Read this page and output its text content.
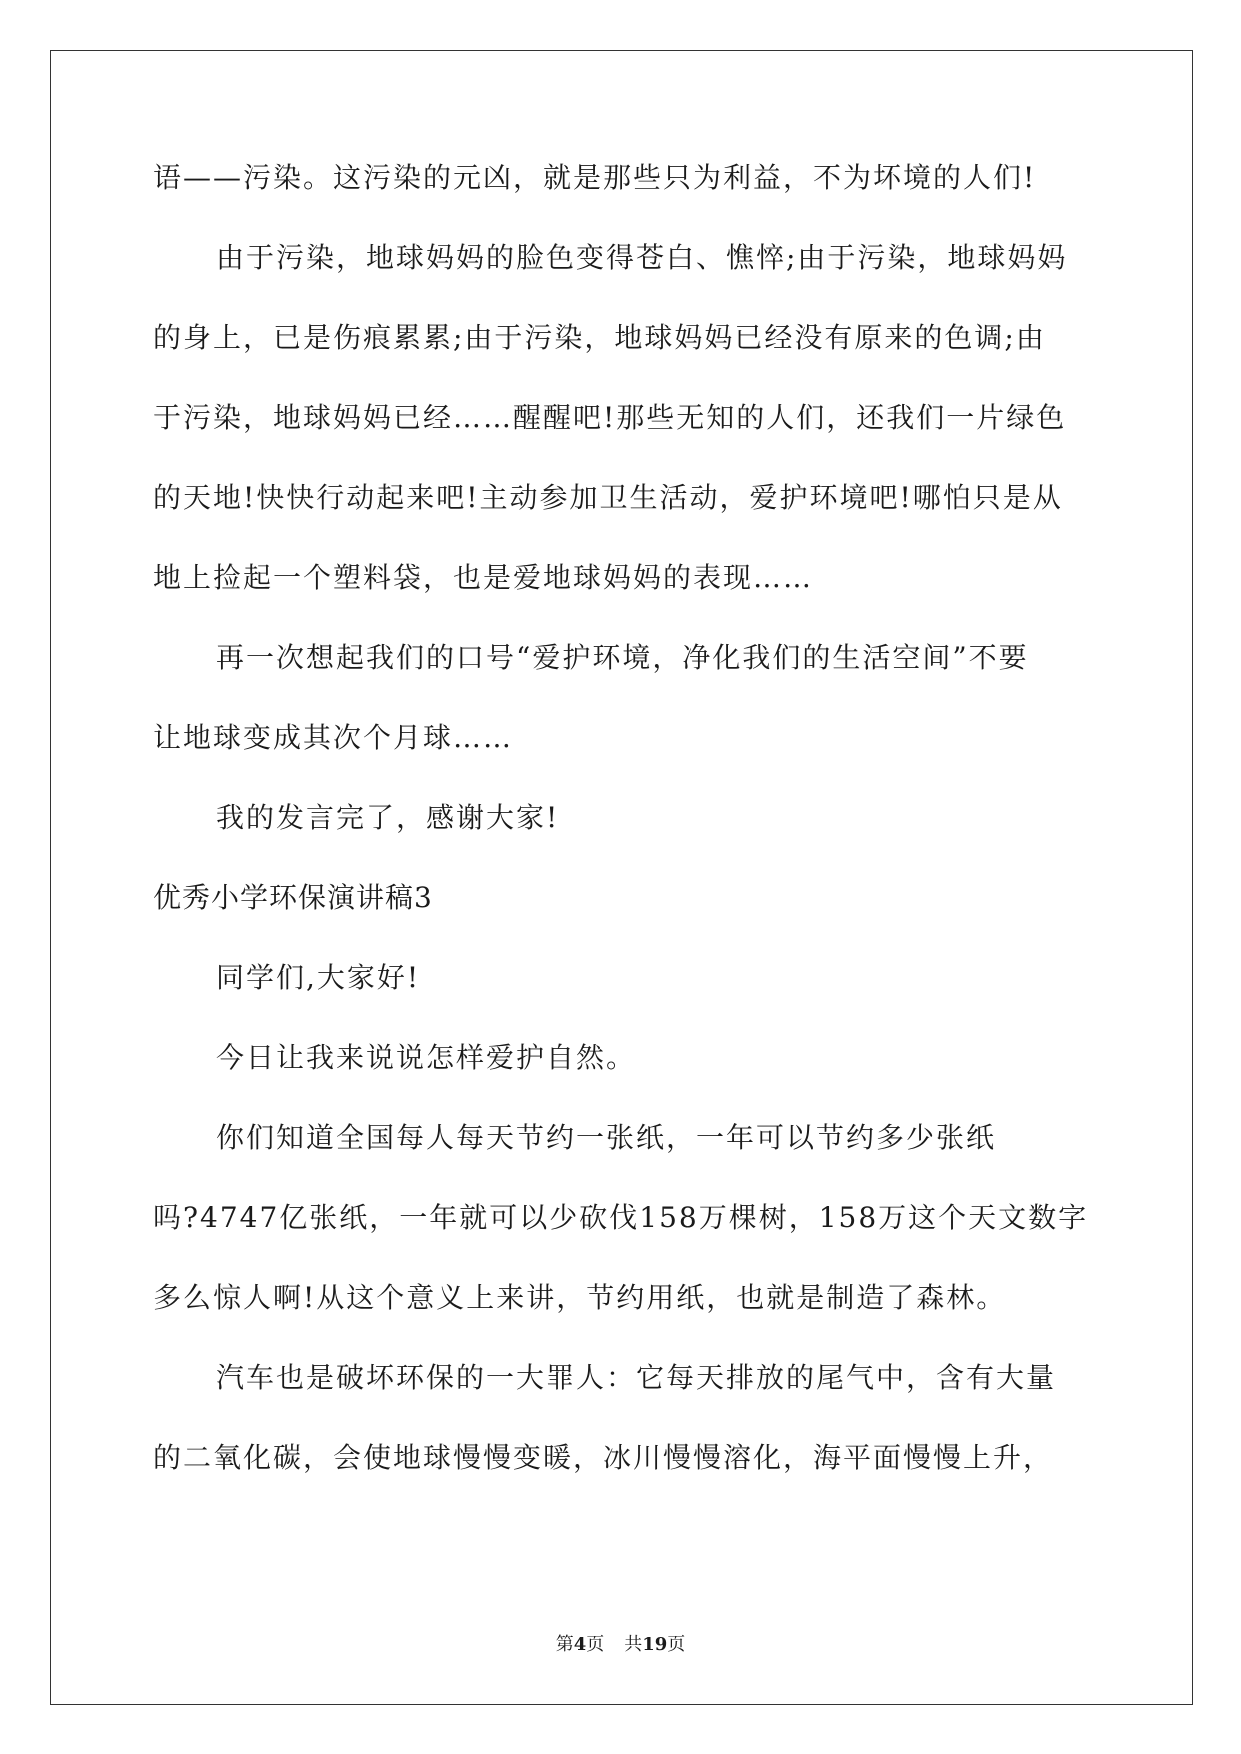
语——污染。这污染的元凶，就是那些只为利益，不为坏境的人们!
由于污染，地球妈妈的脸色变得苍白、憔悴;由于污染，地球妈妈
的身上，已是伤痕累累;由于污染，地球妈妈已经没有原来的色调;由
于污染，地球妈妈已经……醒醒吧!那些无知的人们，还我们一片绿色
的天地!快快行动起来吧!主动参加卫生活动，爱护环境吧!哪怕只是从
地上捡起一个塑料袋，也是爱地球妈妈的表现……
再一次想起我们的口号“爱护环境，净化我们的生活空间”不要
让地球变成其次个月球……
我的发言完了，感谢大家!
优秀小学环保演讲稿3
同学们,大家好!
今日让我来说说怎样爱护自然。
你们知道全国每人每天节约一张纸，一年可以节约多少张纸
吗?4747亿张纸，一年就可以少砍伐158万棵树，158万这个天文数字
多么惊人啊!从这个意义上来讲，节约用纸，也就是制造了森林。
汽车也是破坏环保的一大罪人：它每天排放的尾气中，含有大量
的二氧化碳，会使地球慢慢变暖，冰川慢慢溶化，海平面慢慢上升，
第4页 共19页
